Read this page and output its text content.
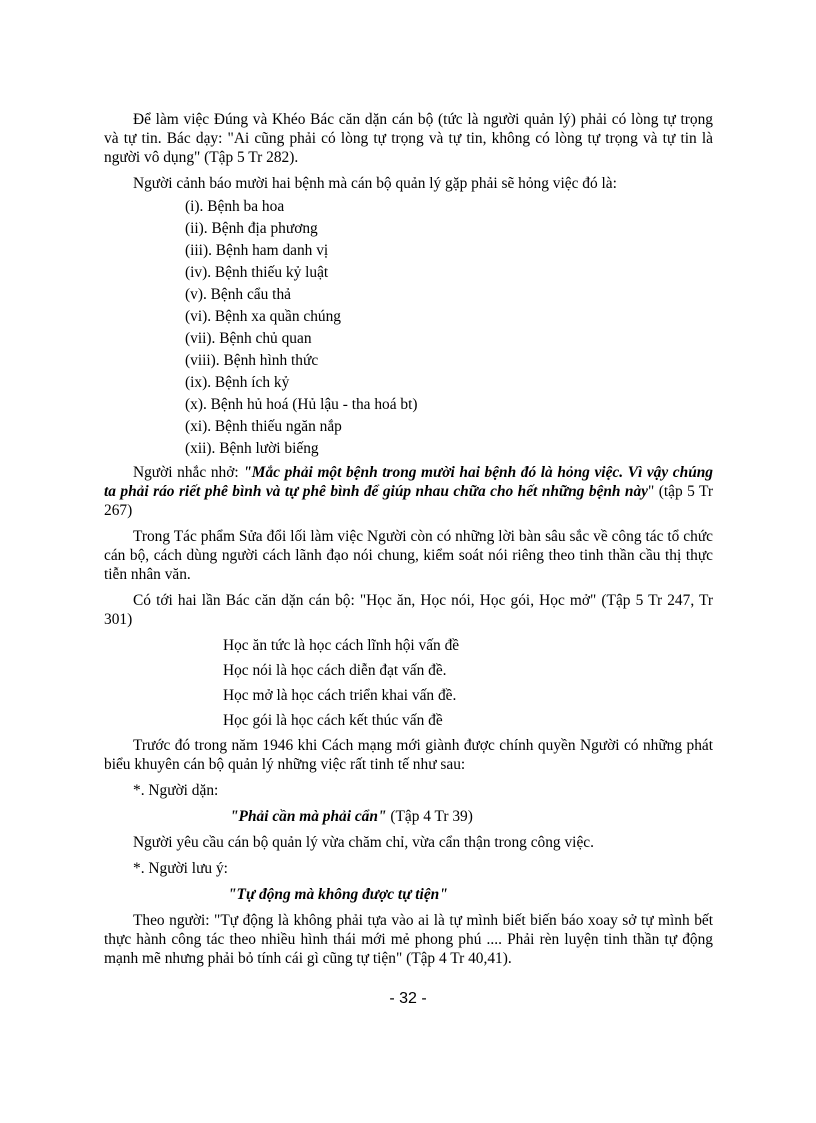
Để làm việc Đúng và Khéo Bác căn dặn cán bộ (tức là người quản lý) phải có lòng tự trọng và tự tin. Bác dạy: "Ai cũng phải có lòng tự trọng và tự tin, không có lòng tự trọng và tự tin là người vô dụng" (Tập 5 Tr 282).

Người cảnh báo mười hai bệnh mà cán bộ quản lý gặp phải sẽ hỏng việc đó là:

(i). Bệnh ba hoa
(ii). Bệnh địa phương
(iii). Bệnh ham danh vị
(iv). Bệnh thiếu kỷ luật
(v). Bệnh cẩu thả
(vi). Bệnh xa quần chúng
(vii). Bệnh chủ quan
(viii). Bệnh hình thức
(ix). Bệnh ích kỷ
(x). Bệnh hủ hoá (Hủ lậu - tha hoá bt)
(xi). Bệnh thiếu ngăn nắp
(xii). Bệnh lười biếng

Người nhắc nhở: "Mắc phải một bệnh trong mười hai bệnh đó là hỏng việc. Vì vậy chúng ta phải ráo riết phê bình và tự phê bình để giúp nhau chữa cho hết những bệnh này" (tập 5 Tr 267)

Trong Tác phẩm Sửa đổi lối làm việc Người còn có những lời bàn sâu sắc về công tác tổ chức cán bộ, cách dùng người cách lãnh đạo nói chung, kiểm soát nói riêng theo tinh thần cầu thị thực tiễn nhân văn.

Có tới hai lần Bác căn dặn cán bộ: "Học ăn, Học nói, Học gói, Học mở" (Tập 5 Tr 247, Tr 301)

Học ăn tức là học cách lĩnh hội vấn đề
Học nói là học cách diễn đạt vấn đề.
Học mở là học cách triển khai vấn đề.
Học gói là học cách kết thúc vấn đề

Trước đó trong năm 1946 khi Cách mạng mới giành được chính quyền Người có những phát biểu khuyên cán bộ quản lý những việc rất tinh tế như sau:

*. Người dặn:

"Phải cần mà phải cẩn" (Tập 4 Tr 39)

Người yêu cầu cán bộ quản lý vừa chăm chỉ, vừa cẩn thận trong công việc.

*. Người lưu ý:

"Tự động mà không được tự tiện"

Theo người: "Tự động là không phải tựa vào ai là tự mình biết biến báo xoay sở tự mình bết thực hành công tác theo nhiều hình thái mới mẻ phong phú .... Phải rèn luyện tinh thần tự động mạnh mẽ nhưng phải bỏ tính cái gì cũng tự tiện" (Tập 4 Tr 40,41).

- 32 -
